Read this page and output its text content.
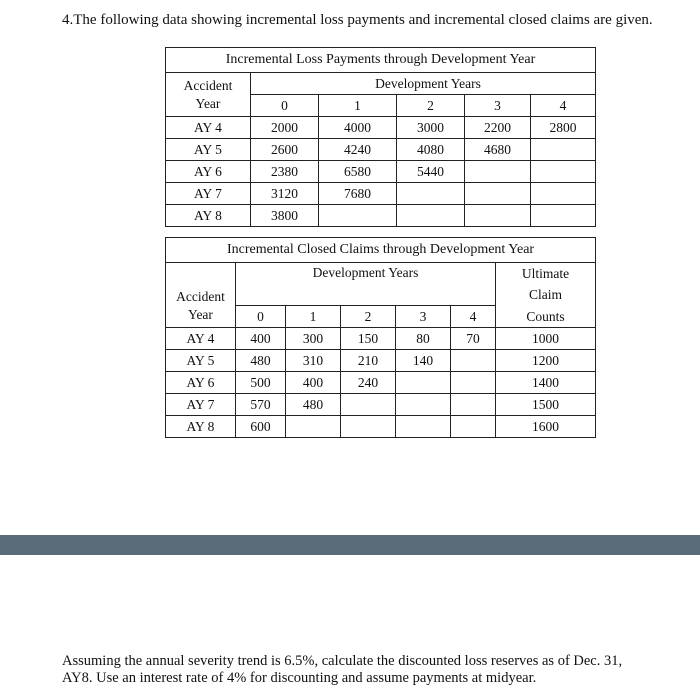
4.The following data showing incremental loss payments and incremental closed claims are given.
Incremental Loss Payments through Development Year					
Accident	Development Years				
Year	0	1	2	3	4
AY 4	2000	4000	3000	2200	2800
AY 5	2600	4240	4080	4680	
AY 6	2380	6580	5440		
AY 7	3120	7680			
AY 8	3800				
Incremental Closed Claims through Development Year						
	Development Years					Ultimate
Accident						Claim
Year	0	1	2	3	4	Counts
AY 4	400	300	150	80	70	1000
AY 5	480	310	210	140		1200
AY 6	500	400	240			1400
AY 7	570	480				1500
AY 8	600					1600
Assuming the annual severity trend is 6.5%, calculate the discounted loss reserves as of Dec. 31,
AY8. Use an interest rate of 4% for discounting and assume payments at midyear.
